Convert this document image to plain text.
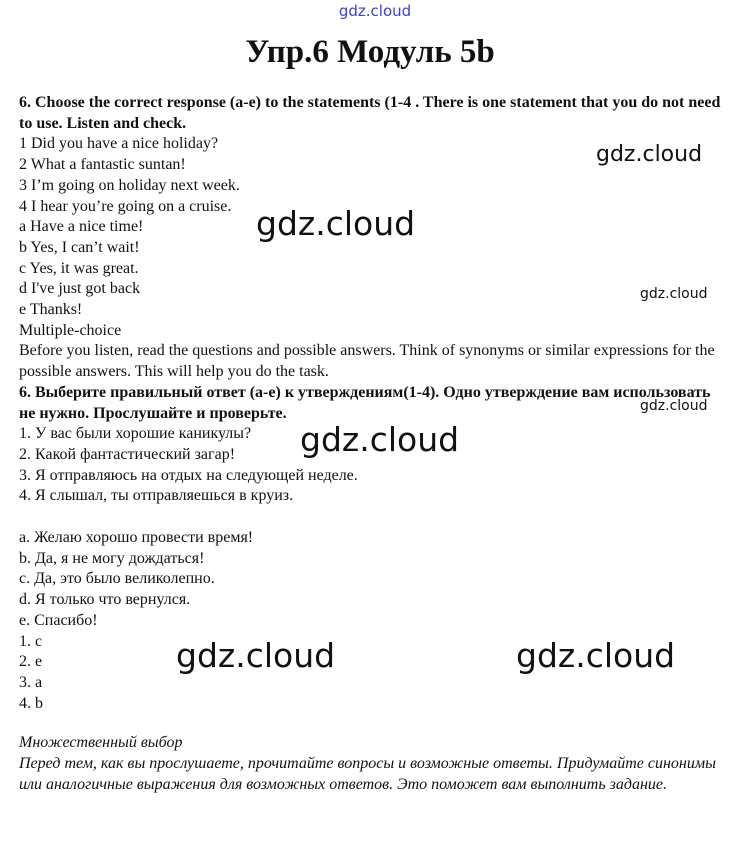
gdz.cloud
Упр.6 Модуль 5b
6. Choose the correct response (a-e) to the statements (1-4 . There is one statement that you do not need to use. Listen and check.
1 Did you have a nice holiday?
2 What a fantastic suntan!
3 I’m going on holiday next week.
4 I hear you’re going on a cruise.
a Have a nice time!
b Yes, I can’t wait!
c Yes, it was great.
d I've just got back
e Thanks!
Multiple-choice
Before you listen, read the questions and possible answers. Think of synonyms or similar expressions for the possible answers. This will help you do the task.
6. Выберите правильный ответ (a-e) к утверждениям(1-4). Одно утверждение вам использовать не нужно. Прослушайте и проверьте.
1. У вас были хорошие каникулы?
2. Какой фантастический загар!
3. Я отправляюсь на отдых на следующей неделе.
4. Я слышал, ты отправляешься в круиз.
a. Желаю хорошо провести время!
b. Да, я не могу дождаться!
c. Да, это было великолепно.
d. Я только что вернулся.
e. Спасибо!
1. c
2. e
3. a
4. b
Множественный выбор
Перед тем, как вы прослушаете, прочитайте вопросы и возможные ответы. Придумайте синонимы или аналогичные выражения для возможных ответов. Это поможет вам выполнить задание.
gdz.cloud
gdz.cloud
gdz.cloud
gdz.cloud
gdz.cloud
gdz.cloud	gdz.cloud
